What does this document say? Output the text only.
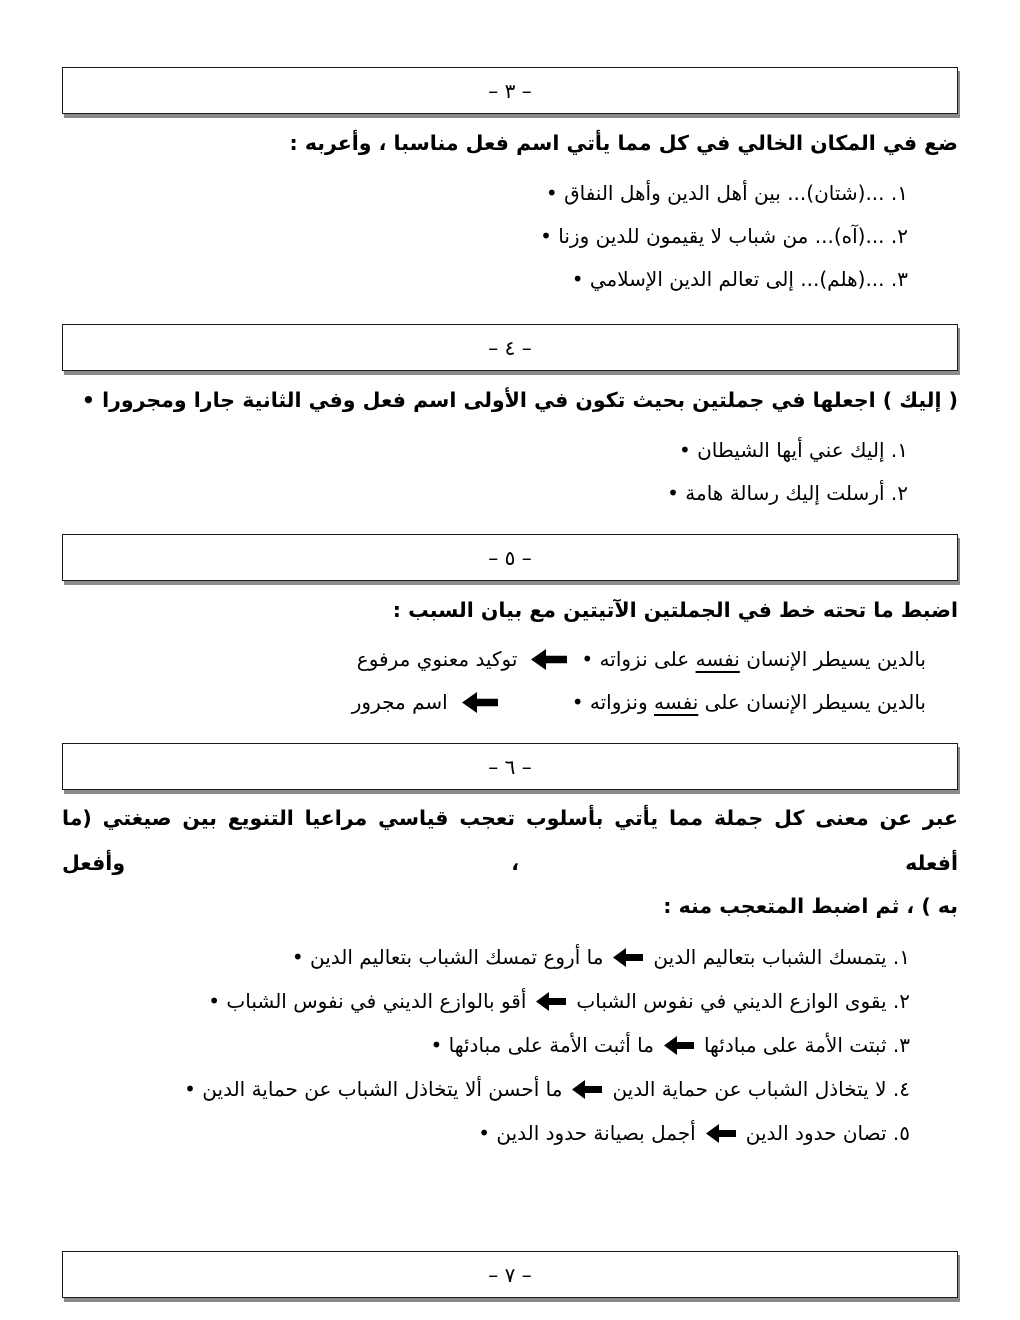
– ٣ –

ضع في المكان الخالي في كل مما يأتي اسم فعل مناسبا ، وأعربه :

١. ...(شتان)... بين أهل الدين وأهل النفاق •
٢. ...(آه)... من شباب لا يقيمون للدين وزنا •
٣. ...(هلم)... إلى تعالم الدين الإسلامي •
– ٤ –

( إليك ) اجعلها في جملتين بحيث تكون في الأولى اسم فعل وفي الثانية جارا ومجرورا •

١. إليك عني أيها الشيطان •
٢. أرسلت إليك رسالة هامة •
– ٥ –

اضبط ما تحته خط في الجملتين الآتيتين مع بيان السبب :

بالدين يسيطر الإنسان نفسه على نزواته •
توكيد معنوي مرفوع
بالدين يسيطر الإنسان على نفسه ونزواته •
اسم مجرور
– ٦ –

عبر عن معنى كل جملة مما يأتي بأسلوب تعجب قياسي مراعيا التنويع بين صيغتي (ما أفعله ، وأفعل

به ) ، ثم اضبط المتعجب منه :

١. يتمسك الشباب بتعاليم الدين
ما أروع تمسك الشباب بتعاليم الدين •
٢. يقوى الوازع الديني في نفوس الشباب
أقو بالوازع الديني في نفوس الشباب •
٣. ثبتت الأمة على مبادئها
ما أثبت الأمة على مبادئها •
٤. لا يتخاذل الشباب عن حماية الدين
ما أحسن ألا يتخاذل الشباب عن حماية الدين •
٥. تصان حدود الدين
أجمل بصيانة حدود الدين •
– ٧ –
